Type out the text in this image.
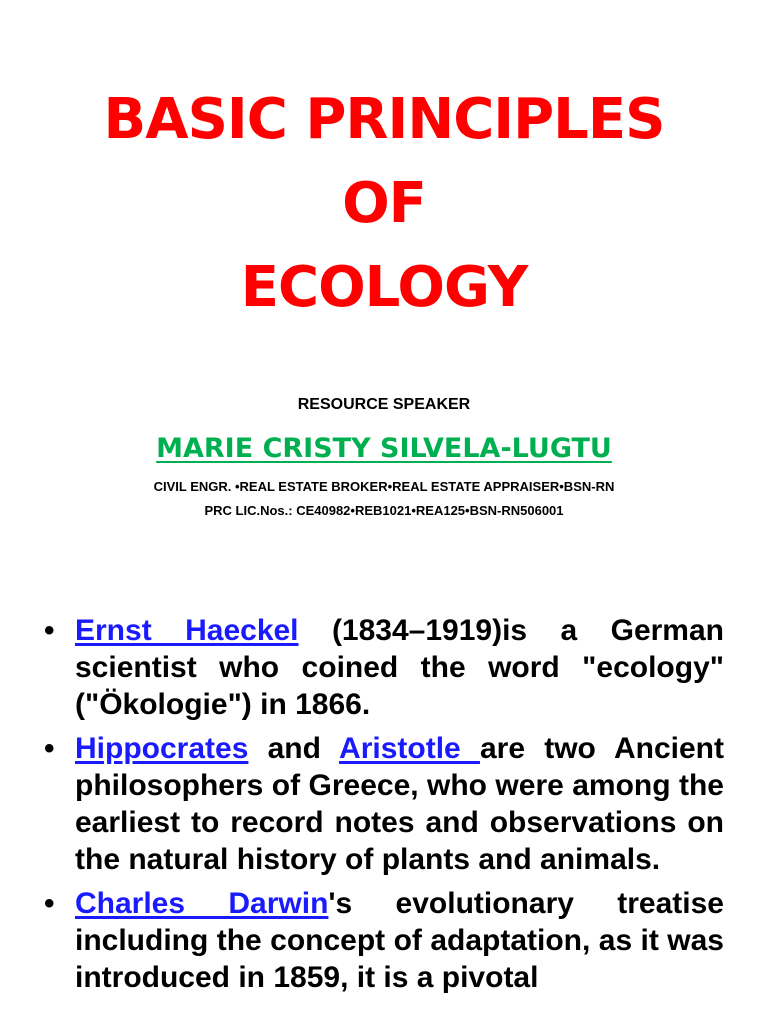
BASIC PRINCIPLES
OF
ECOLOGY
RESOURCE SPEAKER
MARIE CRISTY SILVELA-LUGTU
CIVIL ENGR. •REAL ESTATE BROKER•REAL ESTATE APPRAISER•BSN-RN
PRC LIC.Nos.: CE40982•REB1021•REA125•BSN-RN506001
• Ernst Haeckel (1834–1919)is a German scientist who coined the word "ecology" ("Ökologie") in 1866.
• Hippocrates and Aristotle are two Ancient philosophers of Greece, who were among the earliest to record notes and observations on the natural history of plants and animals.
• Charles Darwin's evolutionary treatise including the concept of adaptation, as it was introduced in 1859, it is a pivotal
